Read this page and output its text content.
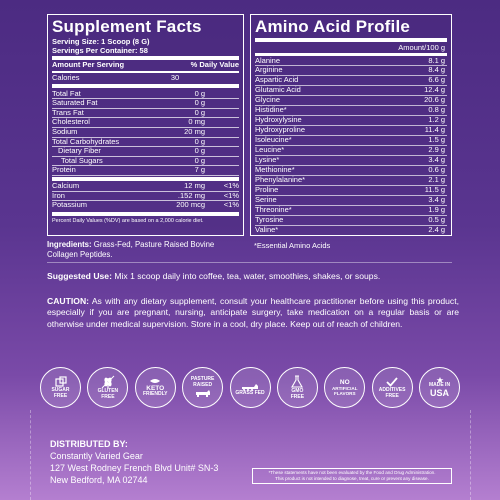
Supplement Facts
Serving Size: 1 Scoop (8 G)
Servings Per Container: 58
Amount Per Serving	% Daily Value
Calories	30
Total Fat	0 g
Saturated Fat	0 g
Trans Fat	0 g
Cholesterol	0 mg
Sodium	20 mg
Total Carbohydrates	0 g
Dietary Fiber	0 g
Total Sugars	0 g
Protein	7 g
Calcium	12 mg	<1%
Iron	.152 mg	<1%
Potassium	200 mcg	<1%
Percent Daily Values (%DV) are based on a 2,000 calorie diet.
Amino Acid Profile
Amount/100 g
Alanine	8.1 g
Arginine	8.4 g
Aspartic Acid	6.6 g
Glutamic Acid	12.4 g
Glycine	20.6 g
Histidine*	0.8 g
Hydroxylysine	1.2 g
Hydroxyproline	11.4 g
Isoleucine*	1.5 g
Leucine*	2.9 g
Lysine*	3.4 g
Methionine*	0.6 g
Phenylalanine*	2.1 g
Proline	11.5 g
Serine	3.4 g
Threonine*	1.9 g
Tyrosine	0.5 g
Valine*	2.4 g
Ingredients: Grass-Fed, Pasture Raised Bovine Collagen Peptides.
*Essential Amino Acids
Suggested Use: Mix 1 scoop daily into coffee, tea, water, smoothies, shakes, or soups.
CAUTION: As with any dietary supplement, consult your healthcare practitioner before using this product, especially if you are pregnant, nursing, anticipate surgery, take medication on a regular basis or are otherwise under medical supervision. Store in a cool, dry place. Keep out of reach of children.
SUGAR
FREE
GLUTEN
FREE
KETO
FRIENDLY
PASTURE
RAISED
GRASS FED	GMO
FREE
NO
ARTIFICIAL FLAVORS
ADDITIVES
FREE
MADE IN
USA
DISTRIBUTED BY:
Constantly Varied Gear
127 West Rodney French Blvd Unit# SN-3
New Bedford, MA 02744
*These statements have not been evaluated by the Food and Drug Administration.
This product is not intended to diagnose, treat, cure or prevent any disease.
